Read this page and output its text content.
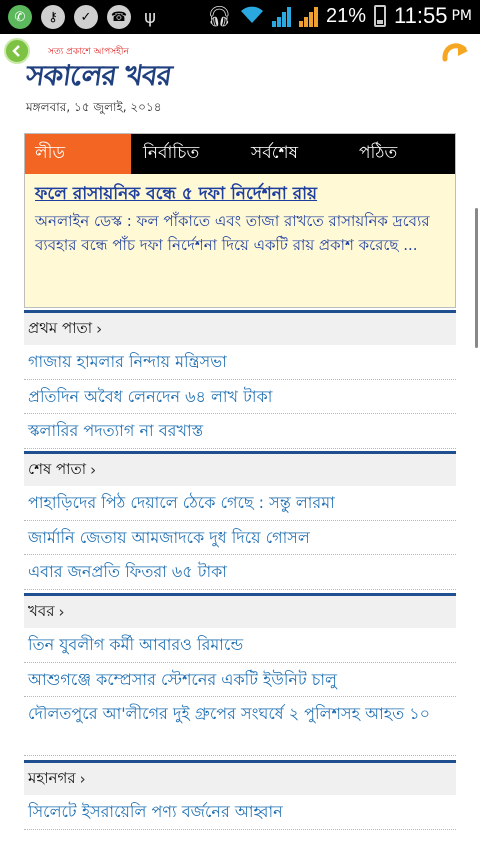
✆	⚷	✓	☎ ψ	🎧︎	21% 11:55 PM
সত্য প্রকাশে আপসহীন
সকালের খবর
মঙ্গলবার, ১৫ জুলাই, ২০১৪
লীড	নির্বাচিত	সর্বশেষ	পঠিত
ফলে রাসায়নিক বন্ধে ৫ দফা নির্দেশনা রায়
অনলাইন ডেস্ক : ফল পাঁকাতে এবং তাজা রাখতে রাসায়নিক দ্রব্যের ব্যবহার বন্ধে পাঁচ দফা নির্দেশনা দিয়ে একটি রায় প্রকাশ করেছে ...
প্রথম পাতা ›
গাজায় হামলার নিন্দায় মন্ত্রিসভা
প্রতিদিন অবৈধ লেনদেন ৬৪ লাখ টাকা
স্কলারির পদত্যাগ না বরখাস্ত
শেষ পাতা ›
পাহাড়িদের পিঠ দেয়ালে ঠেকে গেছে : সন্তু লারমা
জার্মানি জেতায় আমজাদকে দুধ দিয়ে গোসল
এবার জনপ্রতি ফিতরা ৬৫ টাকা
খবর ›
তিন যুবলীগ কর্মী আবারও রিমান্ডে
আশুগঞ্জে কম্প্রেসার স্টেশনের একটি ইউনিট চালু
দৌলতপুরে আ'লীগের দুই গ্রুপের সংঘর্ষে ২ পুলিশসহ আহত ১০
মহানগর ›
সিলেটে ইসরায়েলি পণ্য বর্জনের আহ্বান
